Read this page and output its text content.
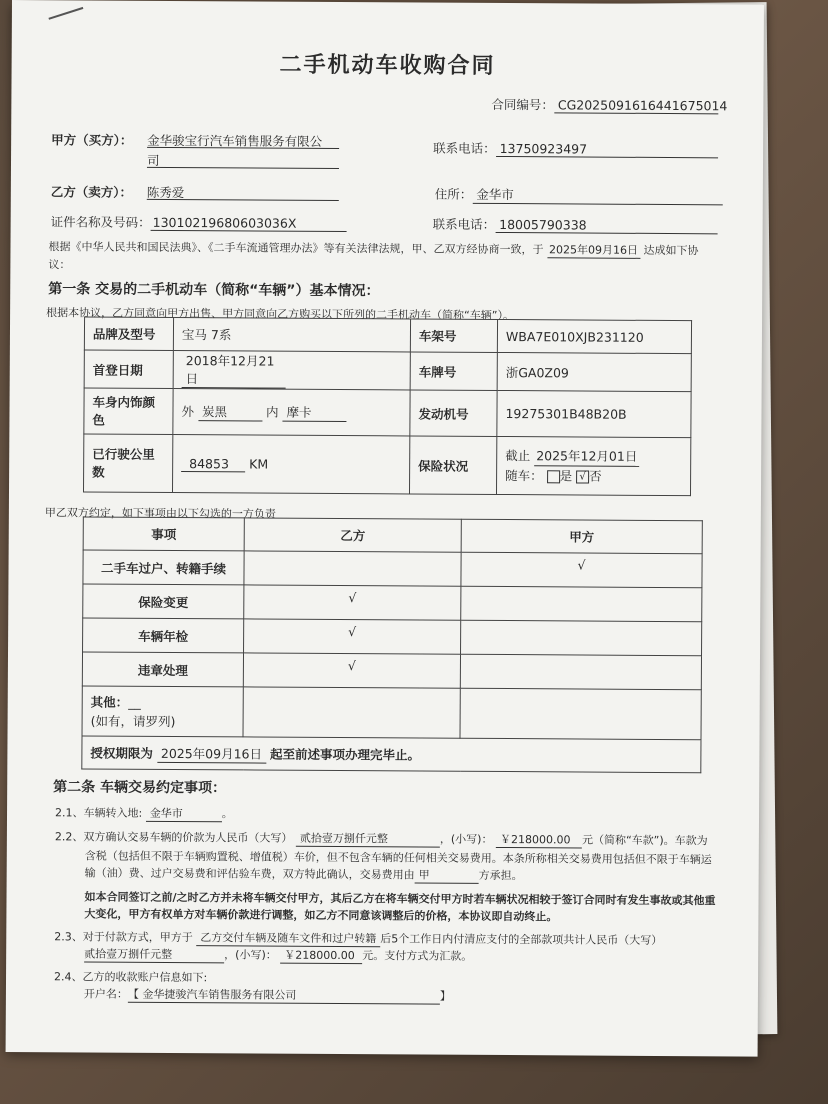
二手机动车收购合同
合同编号： CG2025091616441675014
甲方（买方）： 金华骏宝行汽车销售服务有限公
司
联系电话： 13750923497
乙方（卖方）： 陈秀爱	住所： 金华市
证件名称及号码： 13010219680603036X	联系电话： 18005790338
根据《中华人民共和国民法典》、《二手车流通管理办法》等有关法律法规，甲、乙双方经协商一致，于 2025年09月16日 达成如下协
议：
第一条 交易的二手机动车（简称“车辆”）基本情况：
根据本协议，乙方同意向甲方出售、甲方同意向乙方购买以下所列的二手机动车（简称“车辆”）。
品牌及型号	宝马 7系	车架号	WBA7E010XJB231120
首登日期	2018年12月21日	车牌号	浙GA0Z09
车身内饰颜
色	外 炭黑 内 摩卡	发动机号	19275301B48B20B
已行驶公里
数	84853 KM	保险状况	截止 2025年12月01日
随车： 是 √ 否
甲乙双方约定，如下事项由以下勾选的一方负责
事项	乙方	甲方
二手车过户、转籍手续		√
保险变更	√	
车辆年检	√	
违章处理	√	
其他：__
(如有，请罗列)		
授权期限为 2025年09月16日 起至前述事项办理完毕止。		
第二条 车辆交易约定事项：
2.1、车辆转入地: 金华市	。
2.2、双方确认交易车辆的价款为人民币（大写） 贰拾壹万捌仟元整	，(小写)： ￥218000.00 元（简称“车款”)。车款为
含税（包括但不限于车辆购置税、增值税）车价，但不包含车辆的任何相关交易费用。本条所称相关交易费用包括但不限于车辆运
输（油）费、过户交易费和评估验车费，双方特此确认，交易费用由 甲	方承担。
如本合同签订之前/之时乙方并未将车辆交付甲方，其后乙方在将车辆交付甲方时若车辆状况相较于签订合同时有发生事故或其他重
大变化，甲方有权单方对车辆价款进行调整，如乙方不同意该调整后的价格，本协议即自动终止。
2.3、对于付款方式，甲方于 乙方交付车辆及随车文件和过户转籍 后5个工作日内付清应支付的全部款项共计人民币（大写）
贰拾壹万捌仟元整	，(小写)： ￥218000.00 元。支付方式为汇款。
2.4、乙方的收款账户信息如下:
开户名：【 金华捷骏汽车销售服务有限公司	】
